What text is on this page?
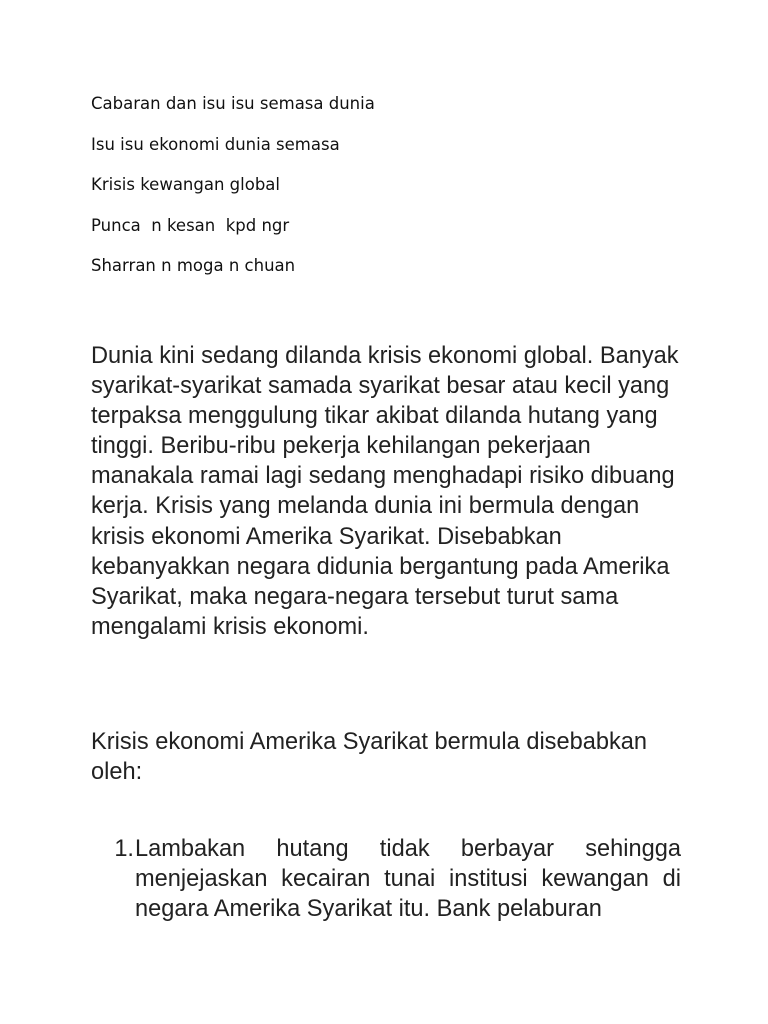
Cabaran dan isu isu semasa dunia
Isu isu ekonomi dunia semasa
Krisis kewangan global
Punca  n kesan  kpd ngr
Sharran n moga n chuan

Dunia kini sedang dilanda krisis ekonomi global. Banyak syarikat-syarikat samada syarikat besar atau kecil yang terpaksa menggulung tikar akibat dilanda hutang yang tinggi. Beribu-ribu pekerja kehilangan pekerjaan manakala ramai lagi sedang menghadapi risiko dibuang kerja. Krisis yang melanda dunia ini bermula dengan krisis ekonomi Amerika Syarikat. Disebabkan kebanyakkan negara didunia bergantung pada Amerika Syarikat, maka negara-negara tersebut turut sama mengalami krisis ekonomi.

Krisis ekonomi Amerika Syarikat bermula disebabkan oleh:

1. Lambakan hutang tidak berbayar sehingga menjejaskan kecairan tunai institusi kewangan di negara Amerika Syarikat itu. Bank pelaburan
